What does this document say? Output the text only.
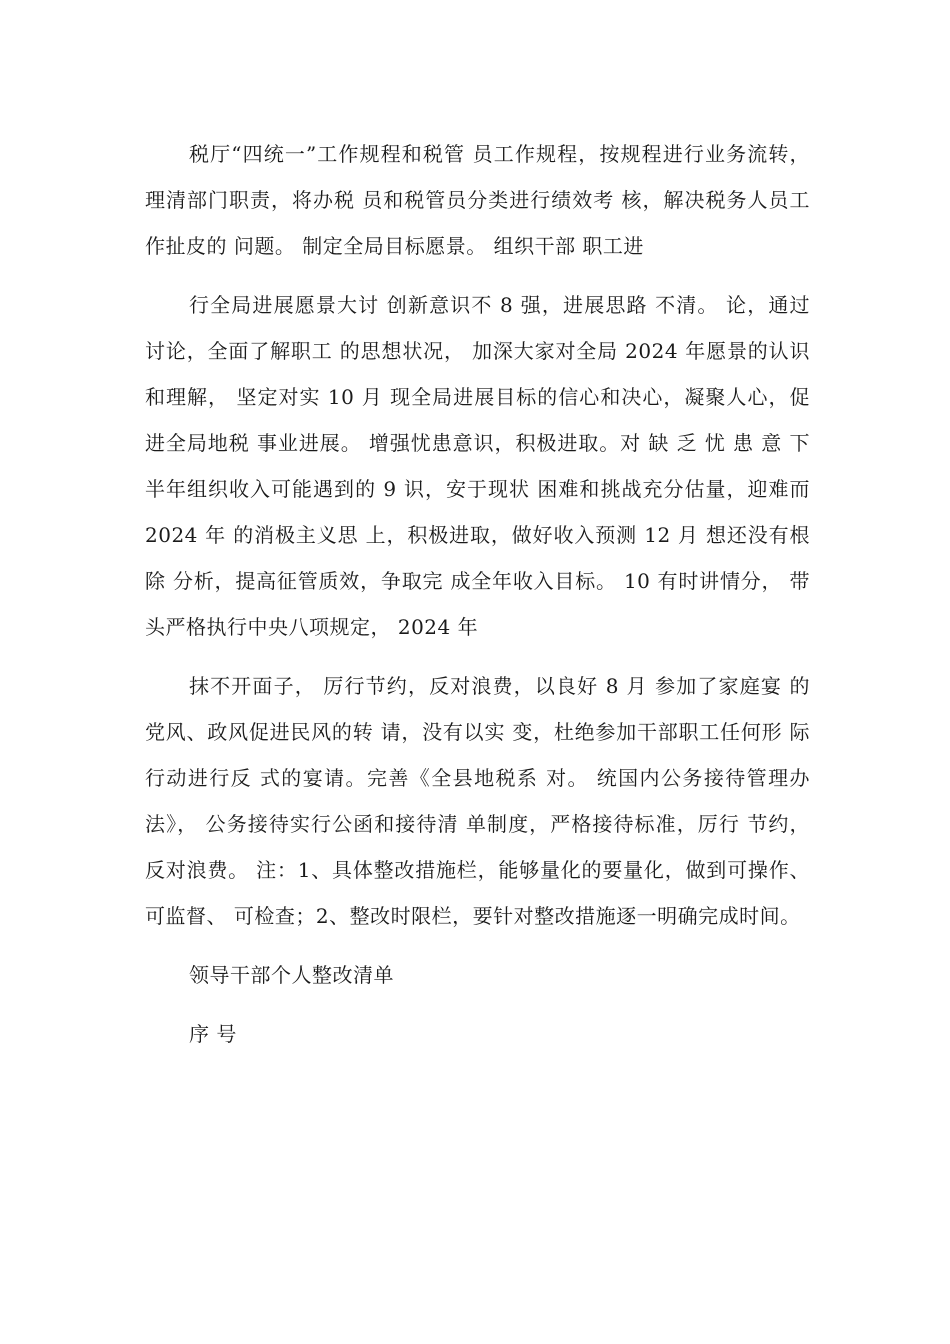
税厅“四统一”工作规程和税管 员工作规程，按规程进行业务流转，理清部门职责，将办税 员和税管员分类进行绩效考 核，解决税务人员工作扯皮的 问题。 制定全局目标愿景。 组织干部 职工进

行全局进展愿景大讨 创新意识不 8 强，进展思路 不清。 论，通过讨论，全面了解职工 的思想状况， 加深大家对全局 2024 年愿景的认识和理解， 坚定对实 10 月 现全局进展目标的信心和决心，凝聚人心，促进全局地税 事业进展。 增强忧患意识，积极进取。对 缺 乏 忧 患 意 下半年组织收入可能遇到的 9 识，安于现状 困难和挑战充分估量，迎难而 2024 年 的消极主义思 上，积极进取，做好收入预测 12 月 想还没有根除 分析，提高征管质效，争取完 成全年收入目标。 10 有时讲情分， 带头严格执行中央八项规定， 2024 年

抹不开面子， 厉行节约，反对浪费，以良好 8 月 参加了家庭宴 的党风、政风促进民风的转 请，没有以实 变，杜绝参加干部职工任何形 际行动进行反 式的宴请。完善《全县地税系 对。 统国内公务接待管理办法》， 公务接待实行公函和接待清 单制度，严格接待标准，厉行 节约，反对浪费。 注：1、具体整改措施栏，能够量化的要量化，做到可操作、可监督、 可检查；2、整改时限栏，要针对整改措施逐一明确完成时间。

领导干部个人整改清单

序 号
